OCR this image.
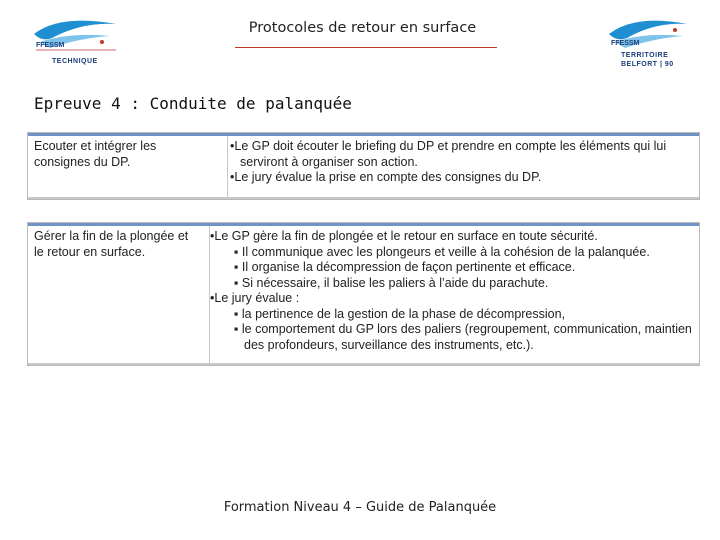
FFESSM
TECHNIQUE
Protocoles de retour en surface
FFESSM
TERRITOIRE
BELFORT | 90
Epreuve 4 : Conduite de palanquée

Ecouter et intégrer les

consignes du DP.

•Le GP doit écouter le briefing du DP et prendre en compte les éléments qui lui serviront à organiser son action.

•Le jury évalue la prise en compte des consignes du DP.

Gérer la fin de la plongée et

le retour en surface.

•Le GP gère la fin de plongée et le retour en surface en toute sécurité.

▪ Il communique avec les plongeurs et veille à la cohésion de la palanquée.

▪ Il organise la décompression de façon pertinente et efficace.

▪ Si nécessaire, il balise les paliers à l’aide du parachute.

•Le jury évalue :

▪ la pertinence de la gestion de la phase de décompression,

▪ le comportement du GP lors des paliers (regroupement, communication, maintien des profondeurs, surveillance des instruments, etc.).

Formation Niveau 4 – Guide de Palanquée
